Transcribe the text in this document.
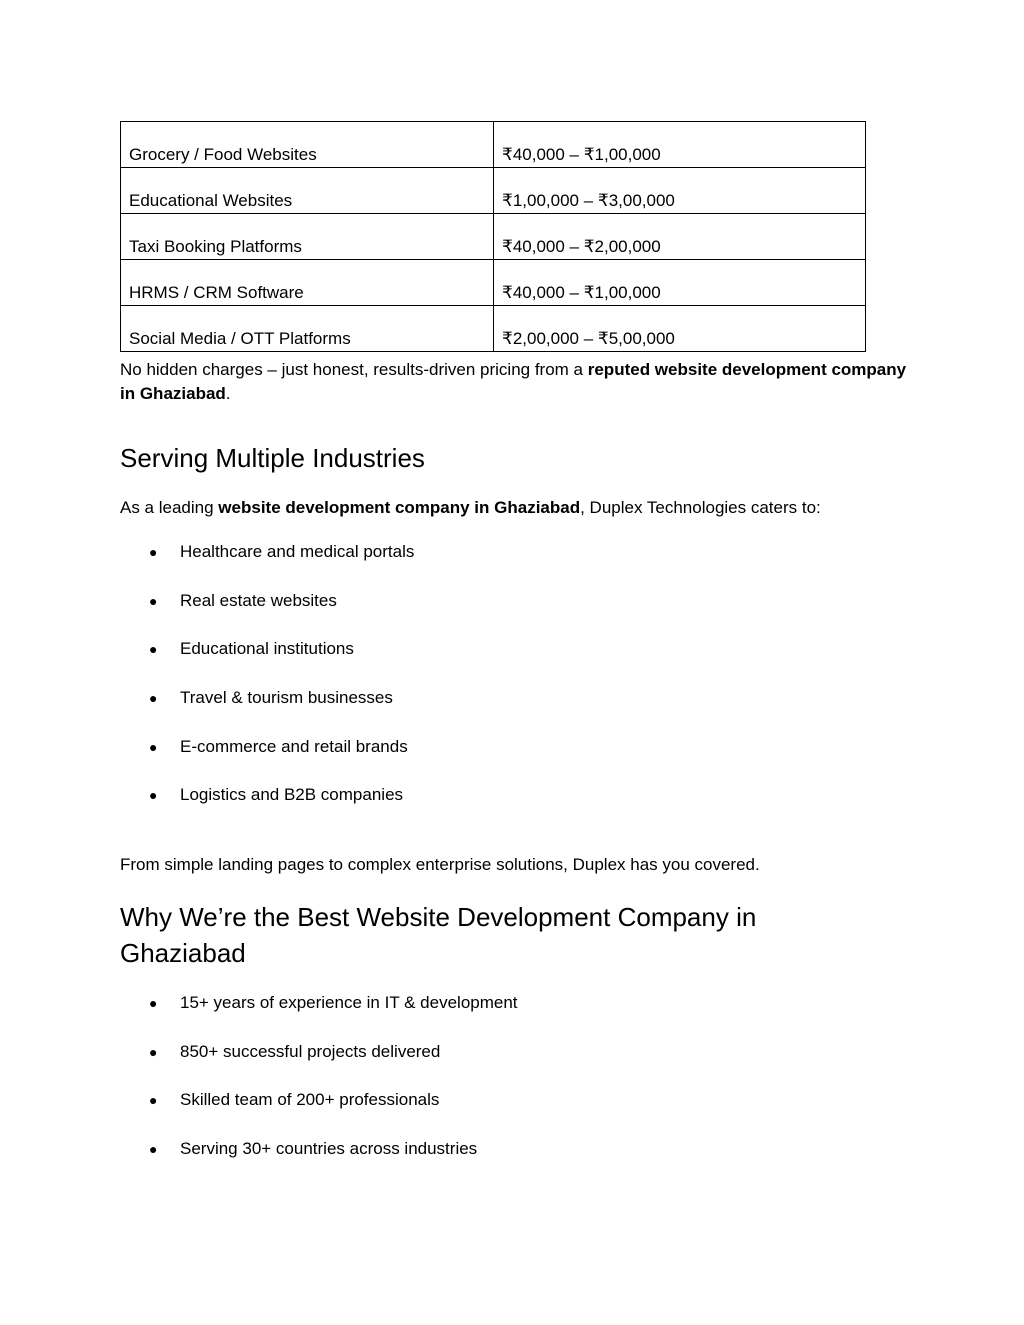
Grocery / Food Websites	₹40,000 – ₹1,00,000
Educational Websites	₹1,00,000 – ₹3,00,000
Taxi Booking Platforms	₹40,000 – ₹2,00,000
HRMS / CRM Software	₹40,000 – ₹1,00,000
Social Media / OTT Platforms	₹2,00,000 – ₹5,00,000

No hidden charges – just honest, results-driven pricing from a reputed website development company in Ghaziabad.

Serving Multiple Industries

As a leading website development company in Ghaziabad, Duplex Technologies caters to:

● Healthcare and medical portals
● Real estate websites
● Educational institutions
● Travel & tourism businesses
● E-commerce and retail brands
● Logistics and B2B companies

From simple landing pages to complex enterprise solutions, Duplex has you covered.

Why We’re the Best Website Development Company in Ghaziabad
● 15+ years of experience in IT & development
● 850+ successful projects delivered
● Skilled team of 200+ professionals
● Serving 30+ countries across industries
